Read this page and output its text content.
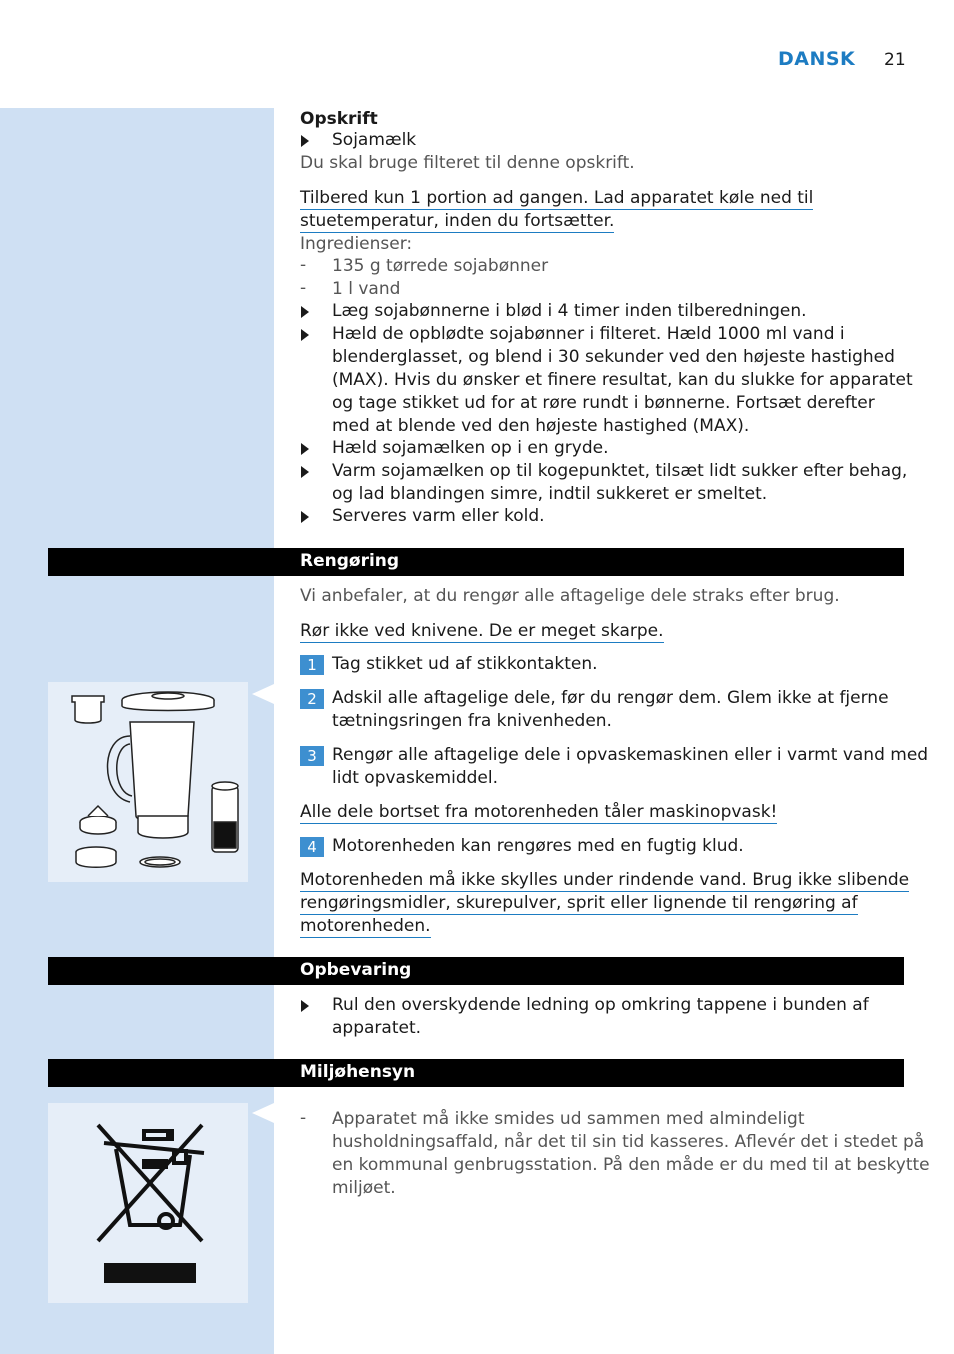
DANSK 21
Opskrift
Sojamælk
Du skal bruge filteret til denne opskrift.
Tilbered kun 1 portion ad gangen. Lad apparatet køle ned til
stuetemperatur, inden du fortsætter.
Ingredienser:
- 135 g tørrede sojabønner
- 1 l vand
Læg sojabønnerne i blød i 4 timer inden tilberedningen.
Hæld de opblødte sojabønner i filteret. Hæld 1000 ml vand i
blenderglasset, og blend i 30 sekunder ved den højeste hastighed
(MAX). Hvis du ønsker et finere resultat, kan du slukke for apparatet
og tage stikket ud for at røre rundt i bønnerne. Fortsæt derefter
med at blende ved den højeste hastighed (MAX).
Hæld sojamælken op i en gryde.
Varm sojamælken op til kogepunktet, tilsæt lidt sukker efter behag,
og lad blandingen simre, indtil sukkeret er smeltet.
Serveres varm eller kold.
Rengøring
Vi anbefaler, at du rengør alle aftagelige dele straks efter brug.
Rør ikke ved knivene. De er meget skarpe.
1 Tag stikket ud af stikkontakten.
2 Adskil alle aftagelige dele, før du rengør dem. Glem ikke at fjerne
tætningsringen fra knivenheden.
3 Rengør alle aftagelige dele i opvaskemaskinen eller i varmt vand med
lidt opvaskemiddel.
Alle dele bortset fra motorenheden tåler maskinopvask!
4 Motorenheden kan rengøres med en fugtig klud.
Motorenheden må ikke skylles under rindende vand. Brug ikke slibende
rengøringsmidler, skurepulver, sprit eller lignende til rengøring af
motorenheden.
Opbevaring
Rul den overskydende ledning op omkring tappene i bunden af
apparatet.
Miljøhensyn
- Apparatet må ikke smides ud sammen med almindeligt
husholdningsaffald, når det til sin tid kasseres. Aflevér det i stedet på
en kommunal genbrugsstation. På den måde er du med til at beskytte
miljøet.
